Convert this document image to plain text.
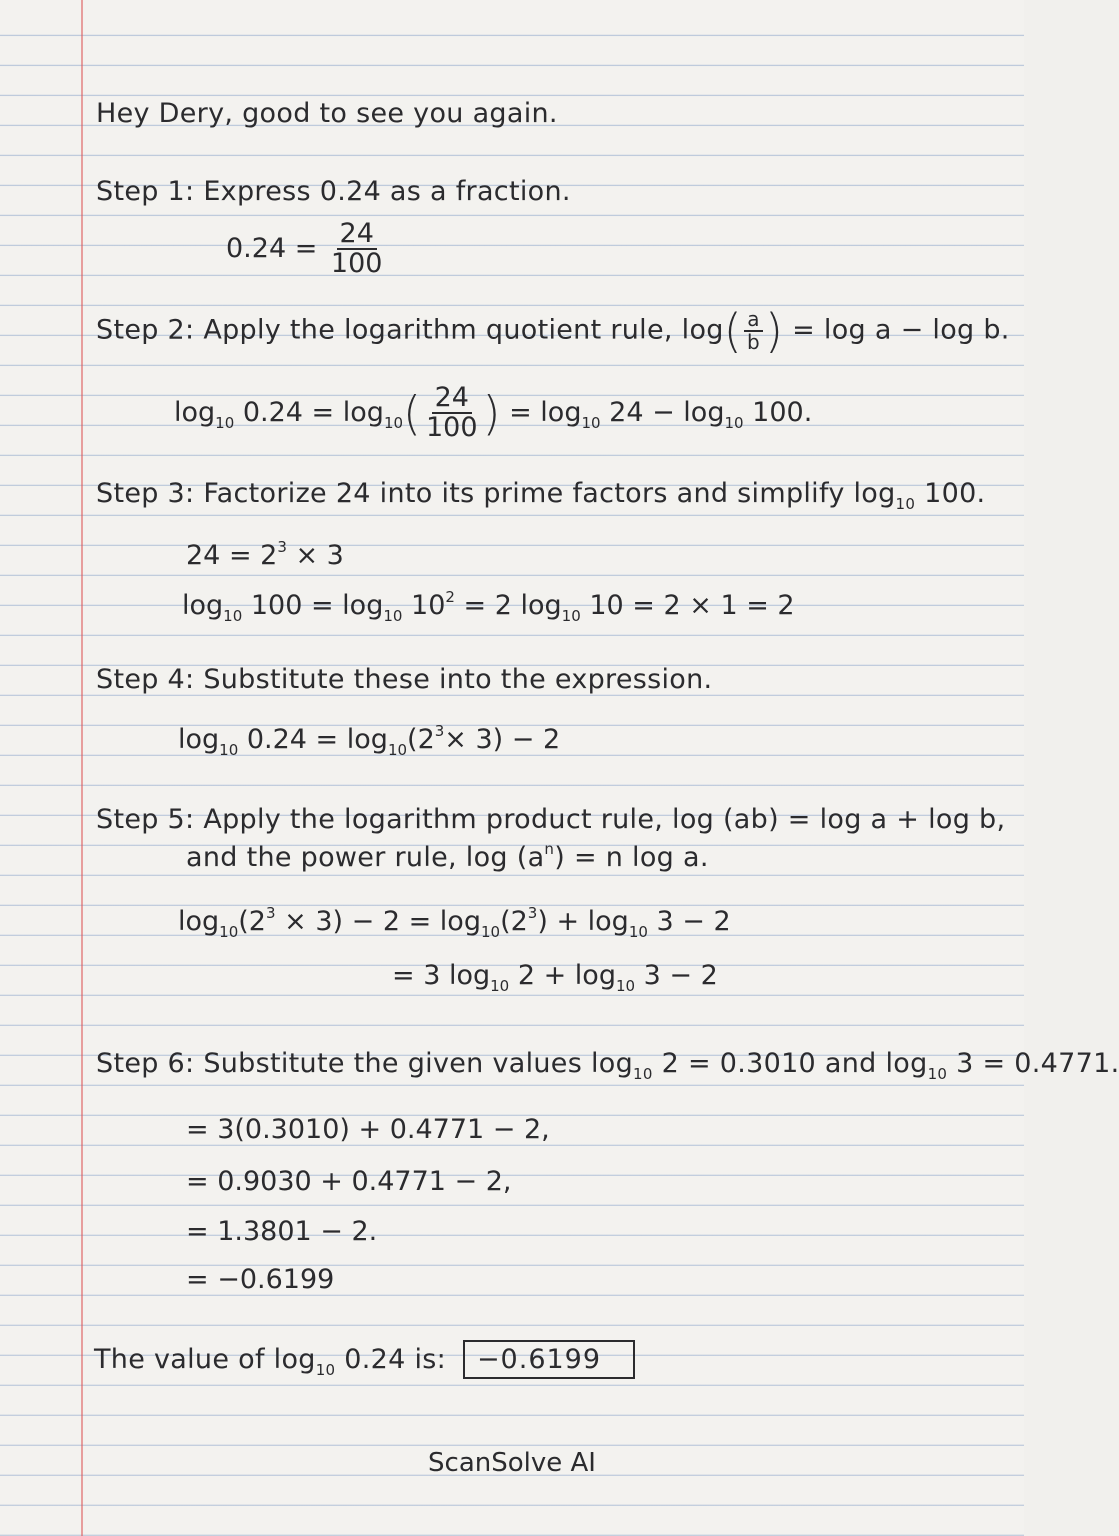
Hey Dery, good to see you again.
Step 1: Express 0.24 as a fraction.
$0.24 = \frac{24}{100}$
Step 2: Apply the logarithm quotient rule, $\log( \frac{a}{b}$ ) = log a − log b.
$\log_{10} 0.24 = \log_{10}( \frac{24}{100}$ ) = $\log_{10} 24 - \log_{10} 100$.
Step 3: Factorize 24 into its prime factors and simplify $\log_{10} 100$.
$24 = 2^3 \times 3$
$\log_{10} 100 = \log_{10} 10^2 = 2$ $\log_{10} 10 = 2 \times 1 = 2$
Step 4: Substitute these into the expression.
$\log_{10} 0.24 = \log_{10}(2^3\times 3) - 2$
Step 5: Apply the logarithm product rule, log (ab) = log a + log b,
and the power rule, $\log (a^n) = n$ log a.
$\log_{10}(2^3 \times 3) - 2 = \log_{10}(2^3) + \log_{10} 3 - 2$
= 3 $\log_{10} 2 + \log_{10} 3 - 2$
Step 6: Substitute the given values $\log_{10} 2 = 0.3010$ and $\log_{10} 3 = 0.4771$.
= 3(0.3010) + 0.4771 − 2,
= 0.9030 + 0.4771 − 2,
= 1.3801 − 2.
= −0.6199
The value of $\log_{10} 0.24$ is: −0.6199
ScanSolve AI
